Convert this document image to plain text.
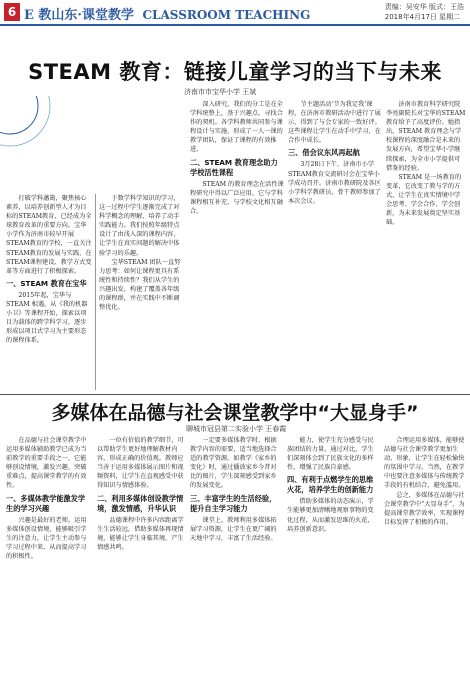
6 E 教山东·课堂教学 CLASSROOM TEACHING
责编：吴安华 版式：王浩
2018年4月17日 星期二
STEAM 教育：链接儿童学习的当下与未来
济南市市宝华小学 王斌

打破学科藩篱，聚焦核心素养，以培养创新型人才为目标的STEAM教育，已经成为全球教育改革的重要方向。宝华小学作为济南市较早开展STEAM教育的学校，一直关注STEAM教育的发展与实践，在STEAM课程建设、教学方式变革等方面进行了积极探索。

一、STEAM 教育在宝华

2015年起，宝华与STEAM 相遇，从《我的机器小卫》等课程开始，探索以项目为载体的跨学科学习，逐步形成以项目式学习为主要形态的课程体系。

于数学科学知识的学习，这一过程中学生逐渐完成了对科学概念的理解，培养了动手实践能力。我们按照年级特点设计了由浅入深的课程内容，让学生在真实问题的解决中体验学习的乐趣。

宝华STEAM 团队一直努力思考：如何让课程更具有系统性和持续性？我们从学生的兴趣出发，构建了覆盖各年级的课程群，并在实践中不断调整优化。

深入研究，我们的分工是在全学科统整上，基于兴趣点，寻找合作的契机。各学科教师共同参与课程设计与实施，形成了一人一课的教学团队，保证了课程的有效推进。

二、STEAM 教育理念助力学校活性课程

STEAM 的教育理念在活性课程研究中得以广泛应用，它与学科课程相互补充，与学校文化相互融合。

节主题活动‘节为我定我’课程，在济南市教研活动中进行了展示，得到了与会专家的一致好评。这些课程让学生在动手中学习，在合作中成长。

三、借会议东风再起航

3月28日下午，济南市小学STEAM教育交流研讨会在宝华小学成功召开。济南市教研院及各区小学科学教研员、骨干教师参加了本次会议。

济南市教育科学研究院李亮副院长对宝华的STEAM 教育给予了高度评价。她指出，STEAM 教育理念与学校课程的深度融合是未来的发展方向，希望宝华小学继续探索，为全市小学提供可借鉴的经验。

STEAM 是一场教育的变革，它改变了教与学的方式，让学生在真实情境中学会思考、学会合作、学会创新，为未来发展奠定坚实基础。

多媒体在品德与社会课堂教学中“大显身手”
聊城市冠县第二实验小学 王春霞

在品德与社会课堂教学中运用多媒体辅助教学已成为当前教学的重要手段之一，它能够创设情境，激发兴趣，突破重难点，提高课堂教学的有效性。

一、多媒体教学能激发学生的学习兴趣

兴趣是最好的老师。运用多媒体创设情境，能够吸引学生的注意力，让学生主动参与学习过程中来，从而提高学习的积极性。

一位有价值的教学细节，可以帮助学生更好地理解教材内容，形成正确的价值观。教师应当善于运用多媒体展示图片和视频资料，让学生在直观感受中获得知识与情感体验。

二、利用多媒体创设教学情境，激发情感，升华认识

品德课程中许多内容距离学生生活较远，借助多媒体再现情境，能够让学生身临其境，产生情感共鸣。

一定要多媒体教学时，根据教学内容的需要，适当地选择合适的教学资源。如教学《家乡的变化》时，通过播放家乡今昔对比的图片，学生深刻感受到家乡的发展变化。

三、丰富学生的生活经验，提升自主学习能力

课堂上，教师利用多媒体拓展学习资源，让学生在更广阔的天地中学习，丰富了生活经验。

能力，使学生充分感受与民族团结的力量。通过对比，学生们深刻体会到了民族文化的多样性，增强了民族自豪感。

四、有利于点燃学生的思维火花，培养学生的创新能力

借助多媒体的动态演示，学生能够更加清晰地观察事物的变化过程，从而激发思维的火花，培养创新意识。

合理运用多媒体，能够使品德与社会课堂教学更加生动、形象，让学生在轻松愉快的氛围中学习。当然，在教学中也要注意多媒体与传统教学手段的有机结合，避免滥用。

总之，多媒体在品德与社会课堂教学中“大显身手”，为提高课堂教学效率，实现课程目标发挥了积极的作用。
